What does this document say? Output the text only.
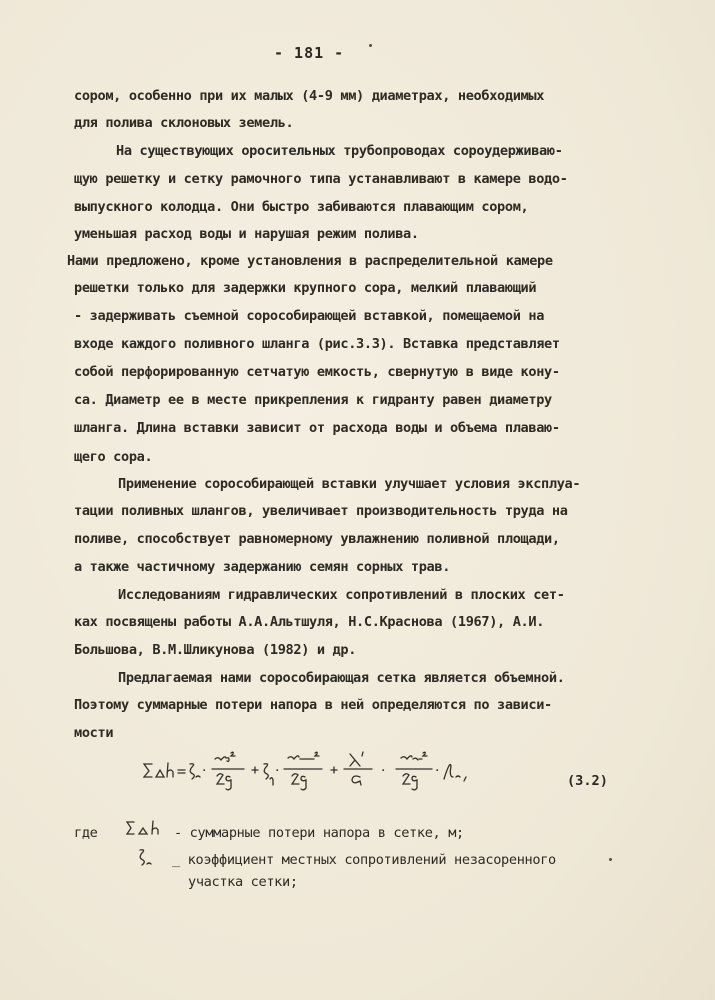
- 181 -
сором, особенно при их малых (4-9 мм) диаметрах, необходимых
для полива склоновых земель.
На существующих оросительных трубопроводах сороудерживаю-
щую решетку и сетку рамочного типа устанавливают в камере водо-
выпускного колодца. Они быстро забиваются плавающим сором,
уменьшая расход воды и нарушая режим полива.
Нами предложено, кроме установления в распределительной камере
решетки только для задержки крупного сора, мелкий плавающий
- задерживать съемной сорособирающей вставкой, помещаемой на
входе каждого поливного шланга (рис.3.3). Вставка представляет
собой перфорированную сетчатую емкость, свернутую в виде кону-
са. Диаметр ее в месте прикрепления к гидранту равен диаметру
шланга. Длина вставки зависит от расхода воды и объема плаваю-
щего сора.
Применение сорособирающей вставки улучшает условия эксплуа-
тации поливных шлангов, увеличивает производительность труда на
поливе, способствует равномерному увлажнению поливной площади,
а также частичному задержанию семян сорных трав.
Исследованиям гидравлических сопротивлений в плоских сет-
ках посвящены работы А.А.Альтшуля, Н.С.Краснова (1967), А.И.
Большова, В.М.Шликунова (1982) и др.
Предлагаемая нами сорособирающая сетка является объемной.
Поэтому суммарные потери напора в ней определяются по зависи-
мости
·	·	·	·
(3.2)
где	- суммарные потери напора в сетке, м;
_ коэффициент местных сопротивлений незасоренного
участка сетки;
